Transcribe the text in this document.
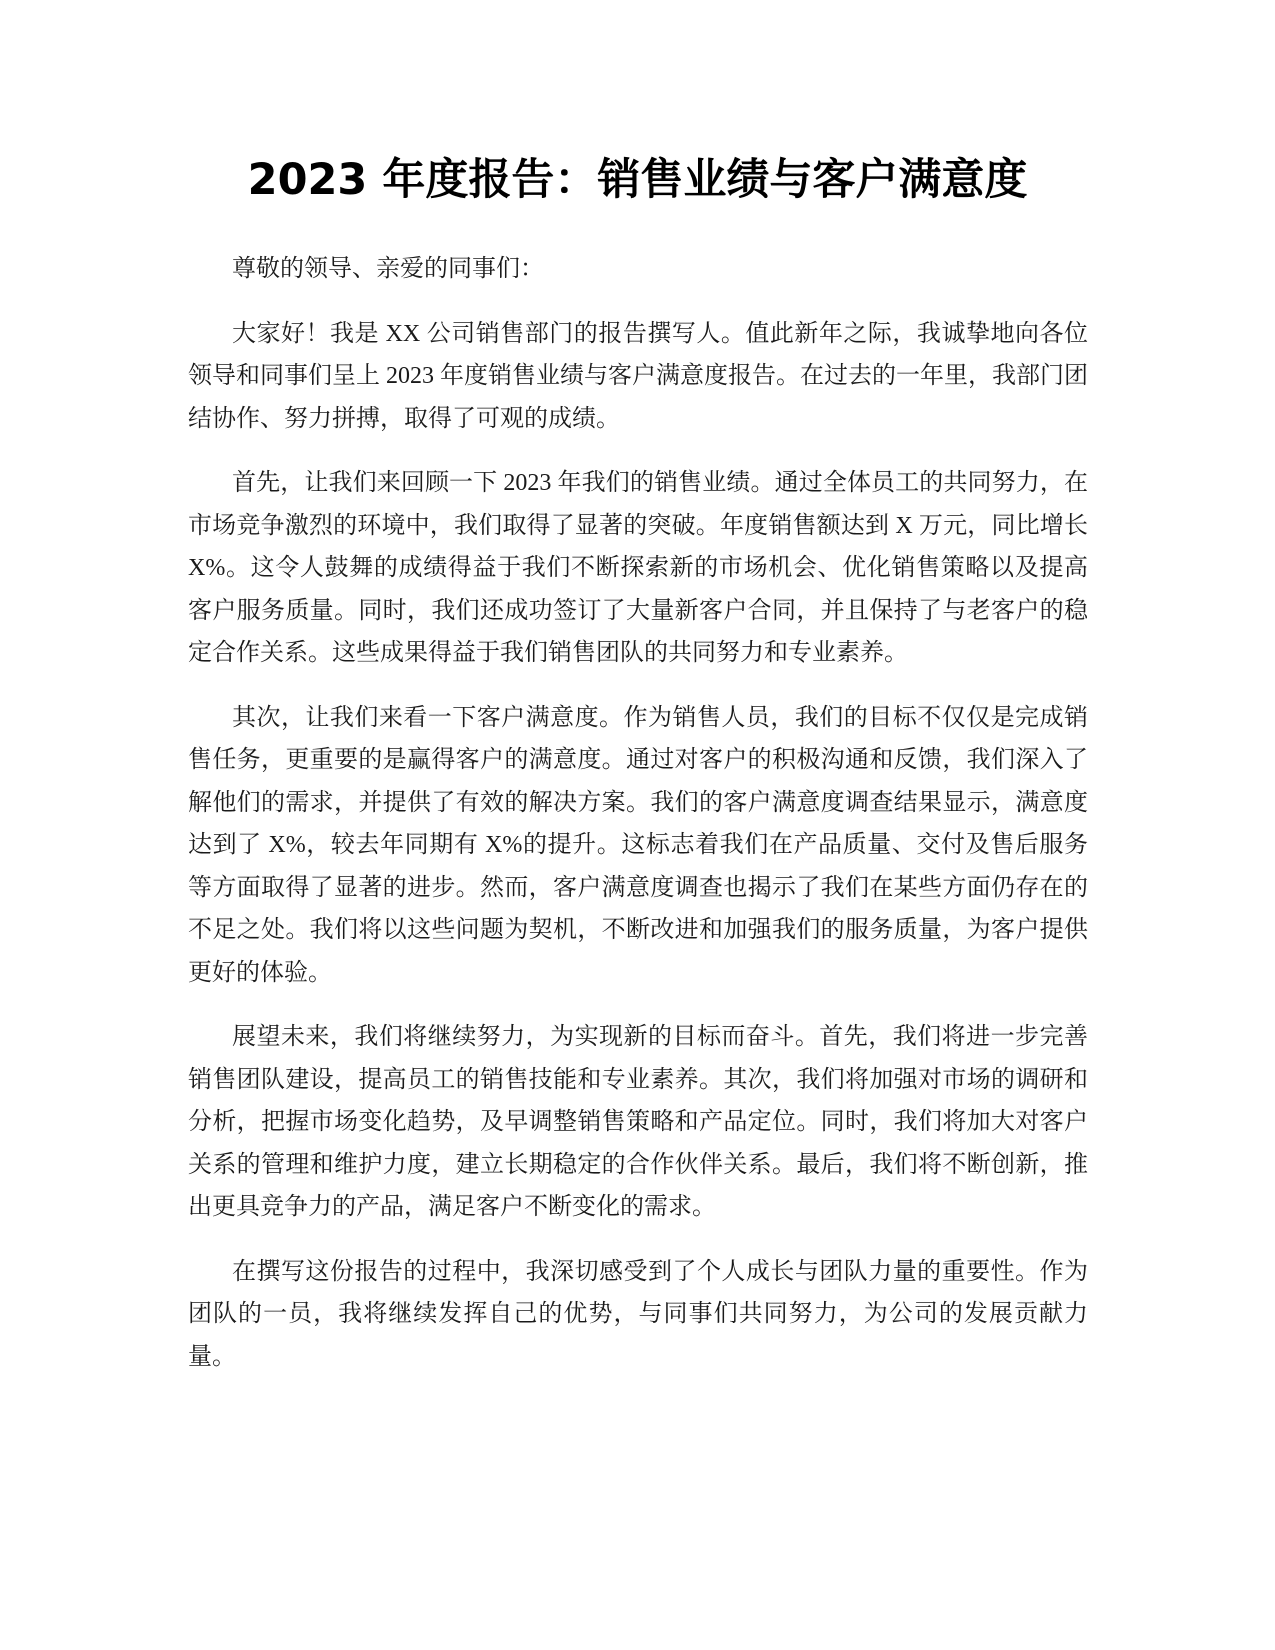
2023 年度报告：销售业绩与客户满意度

尊敬的领导、亲爱的同事们：

大家好！我是 XX 公司销售部门的报告撰写人。值此新年之际，我诚挚地向各位领导和同事们呈上 2023 年度销售业绩与客户满意度报告。在过去的一年里，我部门团结协作、努力拼搏，取得了可观的成绩。

首先，让我们来回顾一下 2023 年我们的销售业绩。通过全体员工的共同努力，在市场竞争激烈的环境中，我们取得了显著的突破。年度销售额达到 X 万元，同比增长 X%。这令人鼓舞的成绩得益于我们不断探索新的市场机会、优化销售策略以及提高客户服务质量。同时，我们还成功签订了大量新客户合同，并且保持了与老客户的稳定合作关系。这些成果得益于我们销售团队的共同努力和专业素养。

其次，让我们来看一下客户满意度。作为销售人员，我们的目标不仅仅是完成销售任务，更重要的是赢得客户的满意度。通过对客户的积极沟通和反馈，我们深入了解他们的需求，并提供了有效的解决方案。我们的客户满意度调查结果显示，满意度达到了 X%，较去年同期有 X%的提升。这标志着我们在产品质量、交付及售后服务等方面取得了显著的进步。然而，客户满意度调查也揭示了我们在某些方面仍存在的不足之处。我们将以这些问题为契机，不断改进和加强我们的服务质量，为客户提供更好的体验。

展望未来，我们将继续努力，为实现新的目标而奋斗。首先，我们将进一步完善销售团队建设，提高员工的销售技能和专业素养。其次，我们将加强对市场的调研和分析，把握市场变化趋势，及早调整销售策略和产品定位。同时，我们将加大对客户关系的管理和维护力度，建立长期稳定的合作伙伴关系。最后，我们将不断创新，推出更具竞争力的产品，满足客户不断变化的需求。

在撰写这份报告的过程中，我深切感受到了个人成长与团队力量的重要性。作为团队的一员，我将继续发挥自己的优势，与同事们共同努力，为公司的发展贡献力量。
